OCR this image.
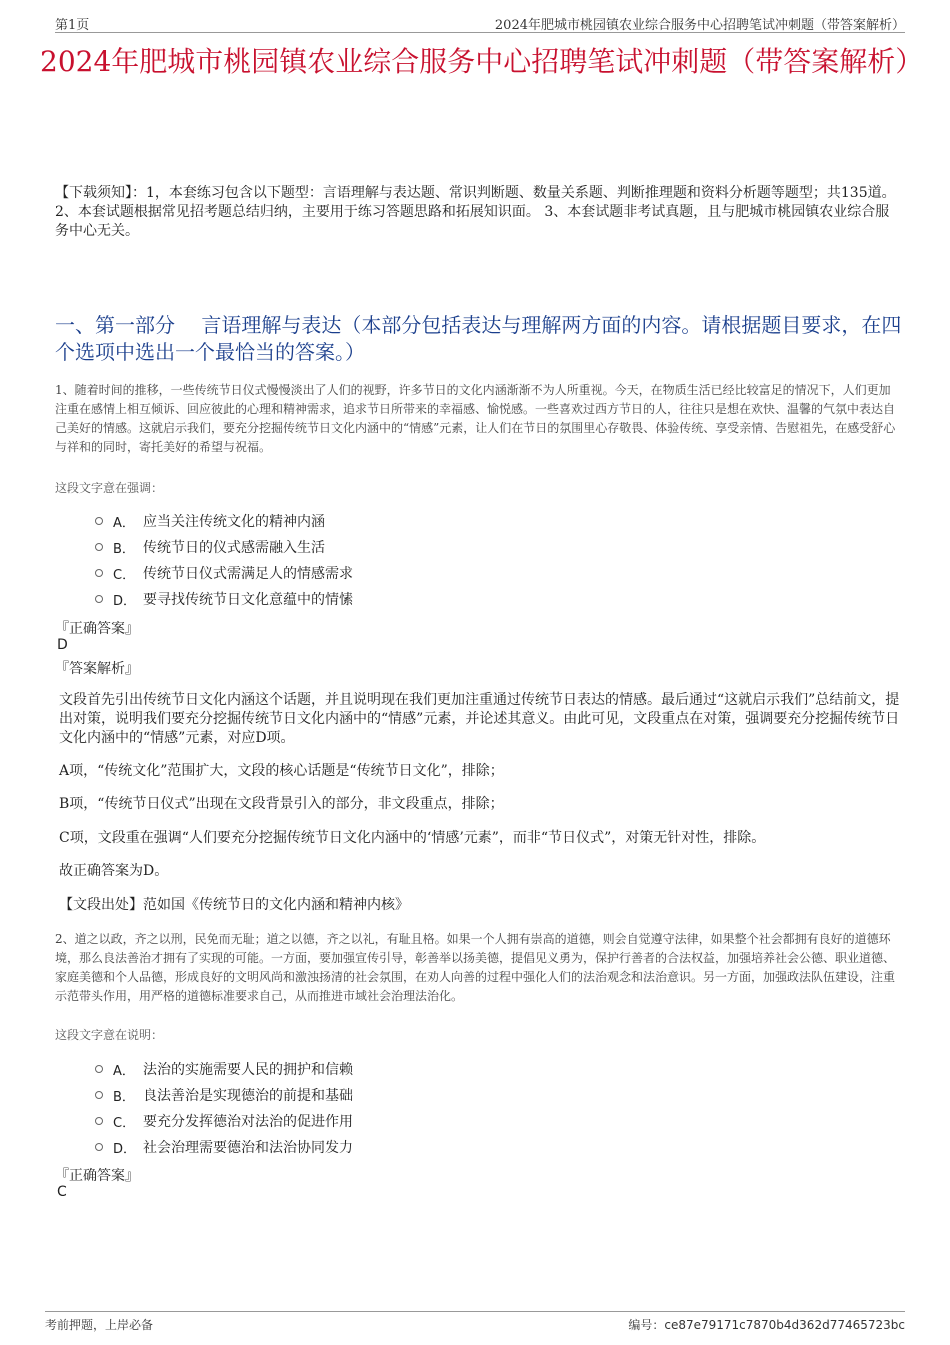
第1页	2024年肥城市桃园镇农业综合服务中心招聘笔试冲刺题（带答案解析）
2024年肥城市桃园镇农业综合服务中心招聘笔试冲刺题（带答案解析）
【下载须知】：1，本套练习包含以下题型：言语理解与表达题、常识判断题、数量关系题、判断推理题和资料分析题等题型；共135道。 2、本套试题根据常见招考题总结归纳，主要用于练习答题思路和拓展知识面。 3、本套试题非考试真题，且与肥城市桃园镇农业综合服务中心无关。
一、第一部分　 言语理解与表达（本部分包括表达与理解两方面的内容。请根据题目要求，在四个选项中选出一个最恰当的答案。）
1、随着时间的推移，一些传统节日仪式慢慢淡出了人们的视野，许多节日的文化内涵渐渐不为人所重视。今天，在物质生活已经比较富足的情况下，人们更加注重在感情上相互倾诉、回应彼此的心理和精神需求，追求节日所带来的幸福感、愉悦感。一些喜欢过西方节日的人，往往只是想在欢快、温馨的气氛中表达自己美好的情感。这就启示我们，要充分挖掘传统节日文化内涵中的“情感”元素，让人们在节日的氛围里心存敬畏、体验传统、享受亲情、告慰祖先，在感受舒心与祥和的同时，寄托美好的希望与祝福。
这段文字意在强调：
A． 应当关注传统文化的精神内涵
B． 传统节日的仪式感需融入生活
C． 传统节日仪式需满足人的情感需求
D． 要寻找传统节日文化意蕴中的情愫
『正确答案』
D
『答案解析』
文段首先引出传统节日文化内涵这个话题，并且说明现在我们更加注重通过传统节日表达的情感。最后通过“这就启示我们”总结前文，提出对策，说明我们要充分挖掘传统节日文化内涵中的“情感”元素，并论述其意义。由此可见，文段重点在对策，强调要充分挖掘传统节日文化内涵中的“情感”元素，对应D项。
A项，“传统文化”范围扩大，文段的核心话题是“传统节日文化”，排除；
B项，“传统节日仪式”出现在文段背景引入的部分，非文段重点，排除；
C项，文段重在强调“人们要充分挖掘传统节日文化内涵中的‘情感’元素”，而非“节日仪式”，对策无针对性，排除。
故正确答案为D。
【文段出处】范如国《传统节日的文化内涵和精神内核》
2、道之以政，齐之以刑，民免而无耻；道之以德，齐之以礼，有耻且格。如果一个人拥有崇高的道德，则会自觉遵守法律，如果整个社会都拥有良好的道德环境，那么良法善治才拥有了实现的可能。一方面，要加强宣传引导，彰善举以扬美德，提倡见义勇为，保护行善者的合法权益，加强培养社会公德、职业道德、家庭美德和个人品德，形成良好的文明风尚和激浊扬清的社会氛围，在劝人向善的过程中强化人们的法治观念和法治意识。另一方面，加强政法队伍建设，注重示范带头作用，用严格的道德标准要求自己，从而推进市域社会治理法治化。
这段文字意在说明：
A． 法治的实施需要人民的拥护和信赖
B． 良法善治是实现德治的前提和基础
C． 要充分发挥德治对法治的促进作用
D． 社会治理需要德治和法治协同发力
『正确答案』
C
考前押题，上岸必备	编号：ce87e79171c7870b4d362d77465723bc
